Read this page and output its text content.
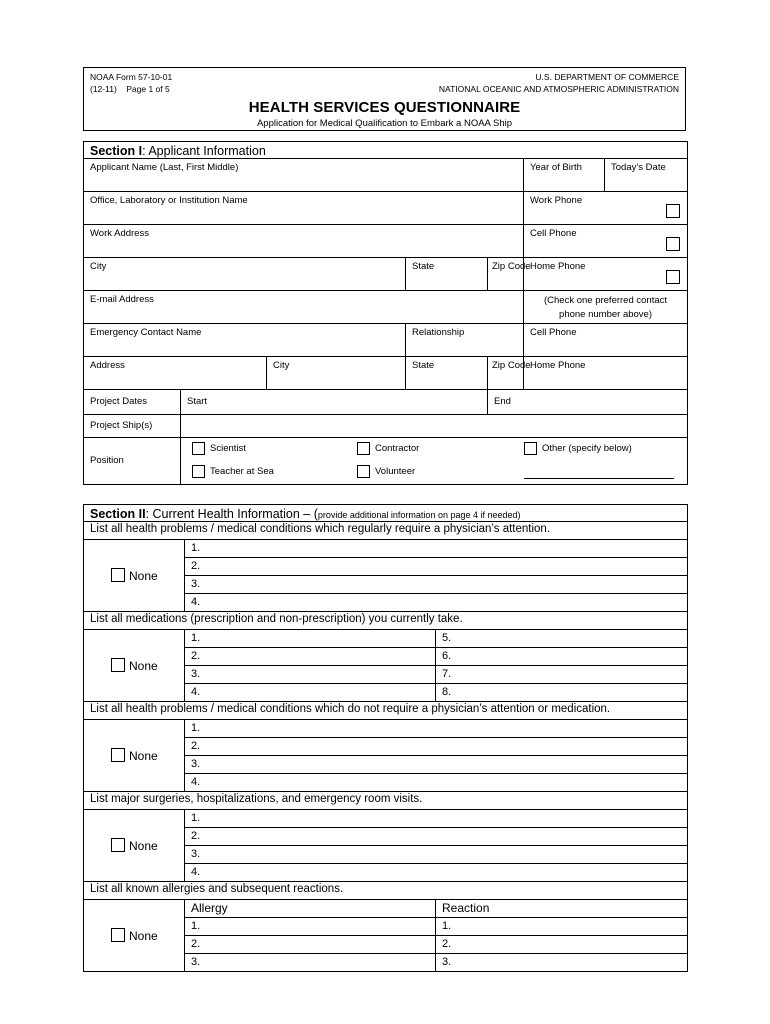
NOAA Form 57-10-01
(12-11) Page 1 of 5
U.S. DEPARTMENT OF COMMERCE
NATIONAL OCEANIC AND ATMOSPHERIC ADMINISTRATION
HEALTH SERVICES QUESTIONNAIRE
Application for Medical Qualification to Embark a NOAA Ship
Section I: Applicant Information						

Applicant Name (Last, First Middle)					Year of Birth	Today’s Date

Office, Laboratory or Institution Name					Work Phone	

Work Address					Cell Phone	

City			State	Zip Code	Home Phone	

E-mail Address					(Check one preferred contact phone number above)	

Emergency Contact Name			Relationship		Cell Phone	

Address		City	State	Zip Code	Home Phone	

Project Dates	Start			End		

Project Ship(s)						

Position	Scientist Contractor Other (specify below)
Teacher at Sea Volunteer					
Section II: Current Health Information – (provide additional information on page 4 if needed)		
List all health problems / medical conditions which regularly require a physician’s attention.		
None	1.	
	2.	
	3.	
	4.	
List all medications (prescription and non-prescription) you currently take.		
None	1.	5.
	2.	6.
	3.	7.
	4.	8.
List all health problems / medical conditions which do not require a physician’s attention or medication.		
None	1.	
	2.	
	3.	
	4.	
List major surgeries, hospitalizations, and emergency room visits.		
None	1.	
	2.	
	3.	
	4.	
List all known allergies and subsequent reactions.		
None	Allergy	Reaction
	1.	1.
	2.	2.
	3.	3.
